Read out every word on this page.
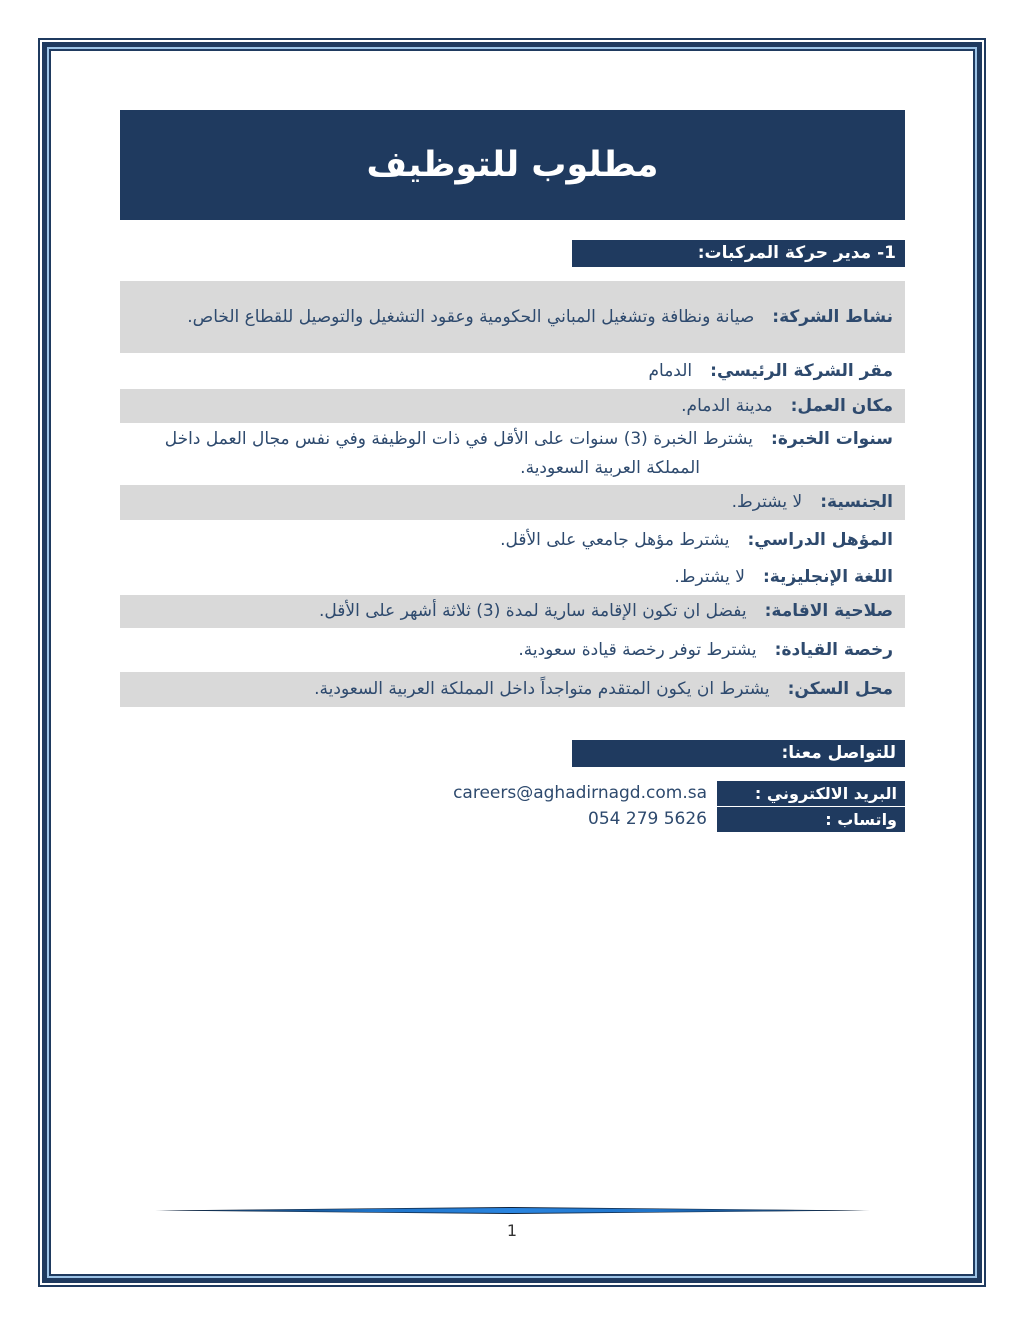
مطلوب للتوظيف
1- مدير حركة المركبات:

نشاط الشركة:صيانة ونظافة وتشغيل المباني الحكومية وعقود التشغيل والتوصيل للقطاع الخاص.

مقر الشركة الرئيسي:الدمام

مكان العمل:مدينة الدمام.

سنوات الخبرة:يشترط الخبرة (3) سنوات على الأقل في ذات الوظيفة وفي نفس مجال العمل داخل المملكة العربية السعودية.

الجنسية:لا يشترط.

المؤهل الدراسي:يشترط مؤهل جامعي على الأقل.

اللغة الإنجليزية:لا يشترط.

صلاحية الاقامة:يفضل ان تكون الإقامة سارية لمدة (3) ثلاثة أشهر على الأقل.

رخصة القيادة:يشترط توفر رخصة قيادة سعودية.

محل السكن:يشترط ان يكون المتقدم متواجداً داخل المملكة العربية السعودية.

للتواصل معنا:
البريد الالكتروني :
careers@aghadirnagd.com.sa
واتساب :
054 279 5626
1
